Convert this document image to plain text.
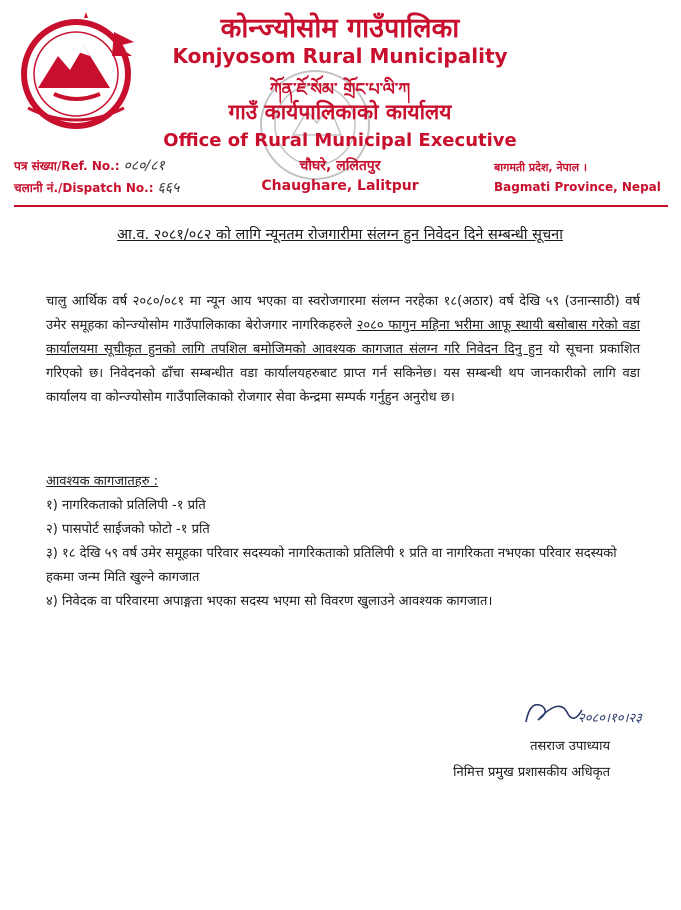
कोन्ज्योसोम गाउँपालिका
Konjyosom Rural Municipality
ཀོན་ཇོ་སོམ་ གྲོང་པ་ལི་ཀ
गाउँ कार्यपालिकाको कार्यालय
Office of Rural Municipal Executive
चौघरे, ललितपुर
Chaughare, Lalitpur
पत्र संख्या/Ref. No.: ०८०/८१
चलानी नं./Dispatch No.: ६६५
बागमती प्रदेश, नेपाल ।
Bagmati Province, Nepal
आ.व. २०८१/०८२ को लागि न्यूनतम रोजगारीमा संलग्न हुन निवेदन दिने सम्बन्धी सूचना
चालु आर्थिक वर्ष २०८०/०८१ मा न्यून आय भएका वा स्वरोजगारमा संलग्न नरहेका १८(अठार) वर्ष देखि ५९ (उनान्साठी) वर्ष उमेर समूहका कोन्ज्योसोम गाउँपालिकाका बेरोजगार नागरिकहरुले २०८० फागुन महिना भरीमा आफू स्थायी बसोबास गरेको वडा कार्यालयमा सूचीकृत हुनको लागि तपशिल बमोजिमको आवश्यक कागजात संलग्न गरि निवेदन दिनु हुन यो सूचना प्रकाशित गरिएको छ। निवेदनको ढाँचा सम्बन्धीत वडा कार्यालयहरुबाट प्राप्त गर्न सकिनेछ। यस सम्बन्धी थप जानकारीको लागि वडा कार्यालय वा कोन्ज्योसोम गाउँपालिकाको रोजगार सेवा केन्द्रमा सम्पर्क गर्नुहुन अनुरोध छ।
आवश्यक कागजातहरु :
१) नागरिकताको प्रतिलिपी -१ प्रति
२) पासपोर्ट साईजको फोटो -१ प्रति
३) १८ देखि ५९ वर्ष उमेर समूहका परिवार सदस्यको नागरिकताको प्रतिलिपी १ प्रति वा नागरिकता नभएका परिवार सदस्यको हकमा जन्म मिति खुल्ने कागजात
४) निवेदक वा परिवारमा अपाङ्गता भएका सदस्य भएमा सो विवरण खुलाउने आवश्यक कागजात।
२०८०।१०।२३
तसराज उपाध्याय
निमित्त प्रमुख प्रशासकीय अधिकृत
